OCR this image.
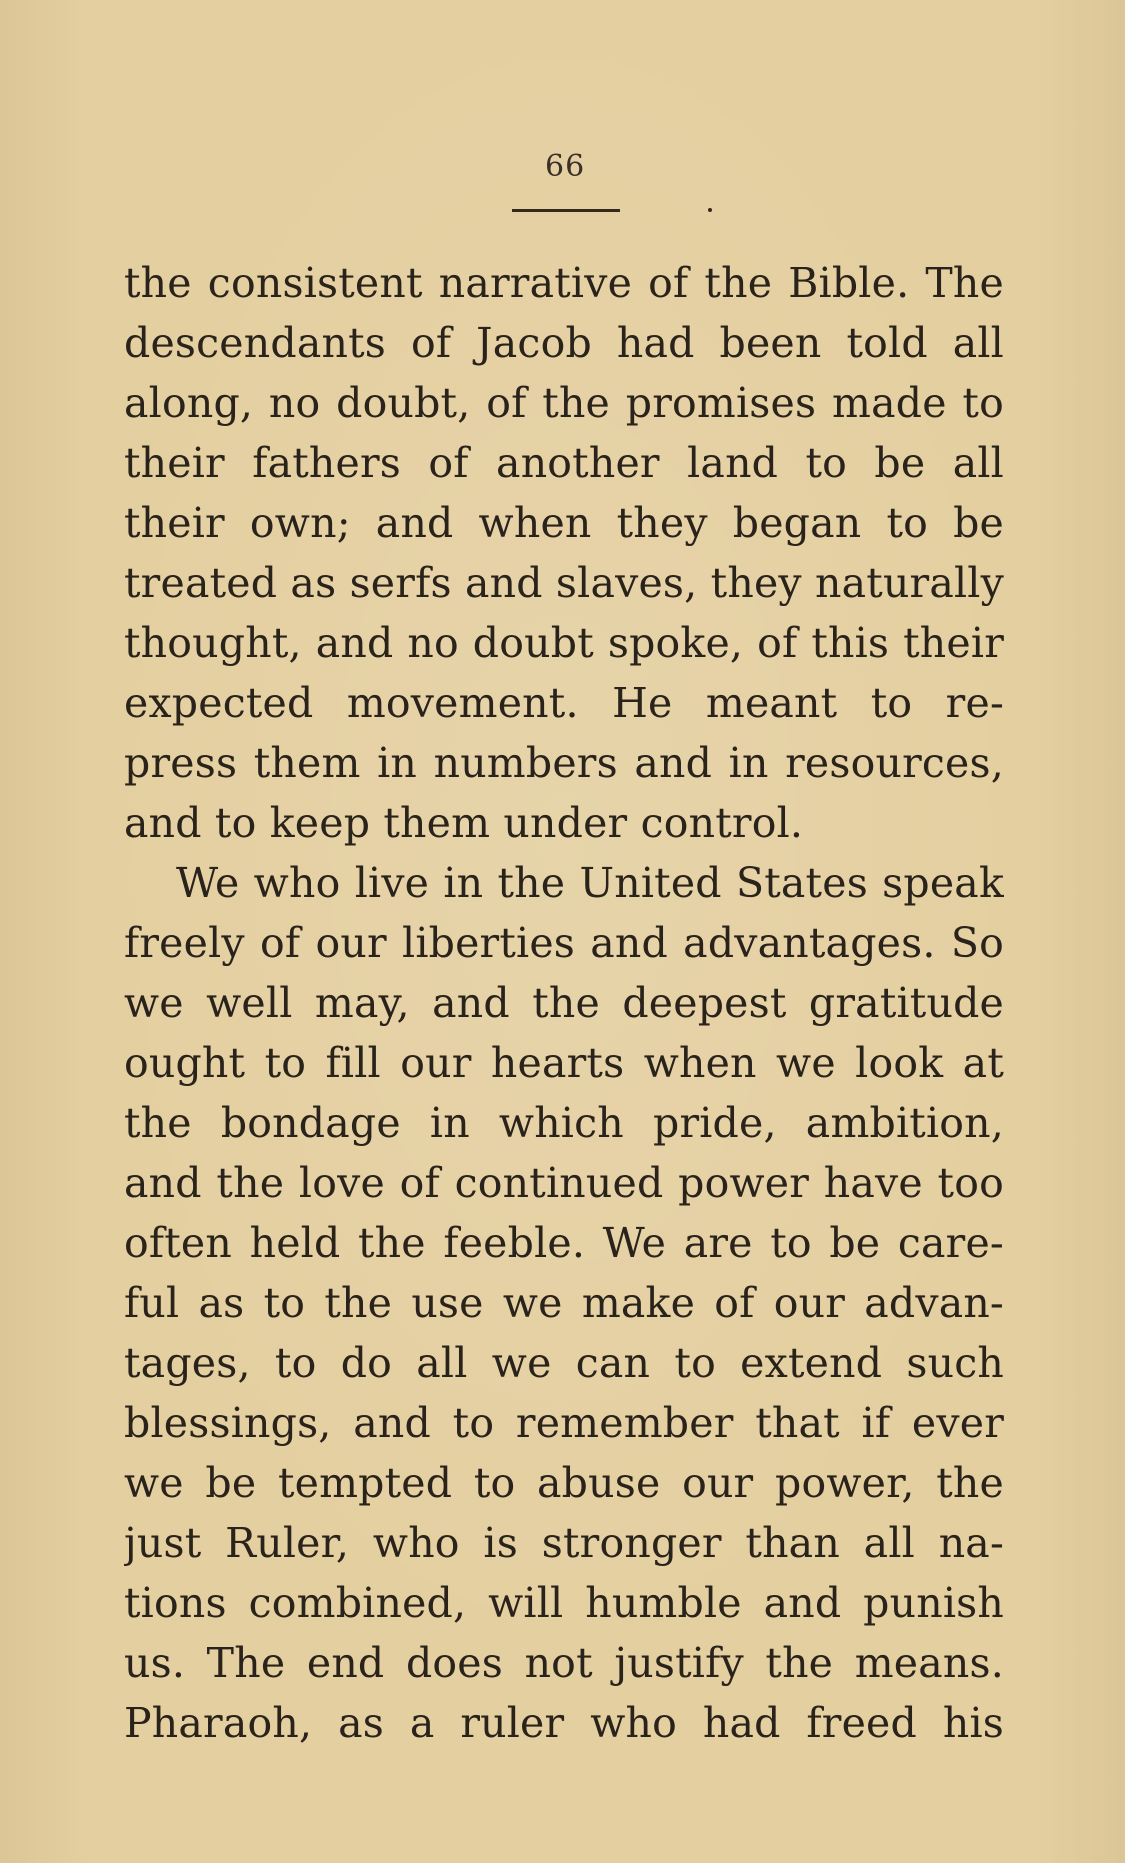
66
the consistent narrative of the Bible. The
descendants of Jacob had been told all
along, no doubt, of the promises made to
their fathers of another land to be all
their own; and when they began to be
treated as serfs and slaves, they naturally
thought, and no doubt spoke, of this their
expected movement. He meant to re-
press them in numbers and in resources,
and to keep them under control.
We who live in the United States speak
freely of our liberties and advantages. So
we well may, and the deepest gratitude
ought to fill our hearts when we look at
the bondage in which pride, ambition,
and the love of continued power have too
often held the feeble. We are to be care-
ful as to the use we make of our advan-
tages, to do all we can to extend such
blessings, and to remember that if ever
we be tempted to abuse our power, the
just Ruler, who is stronger than all na-
tions combined, will humble and punish
us. The end does not justify the means.
Pharaoh, as a ruler who had freed his
